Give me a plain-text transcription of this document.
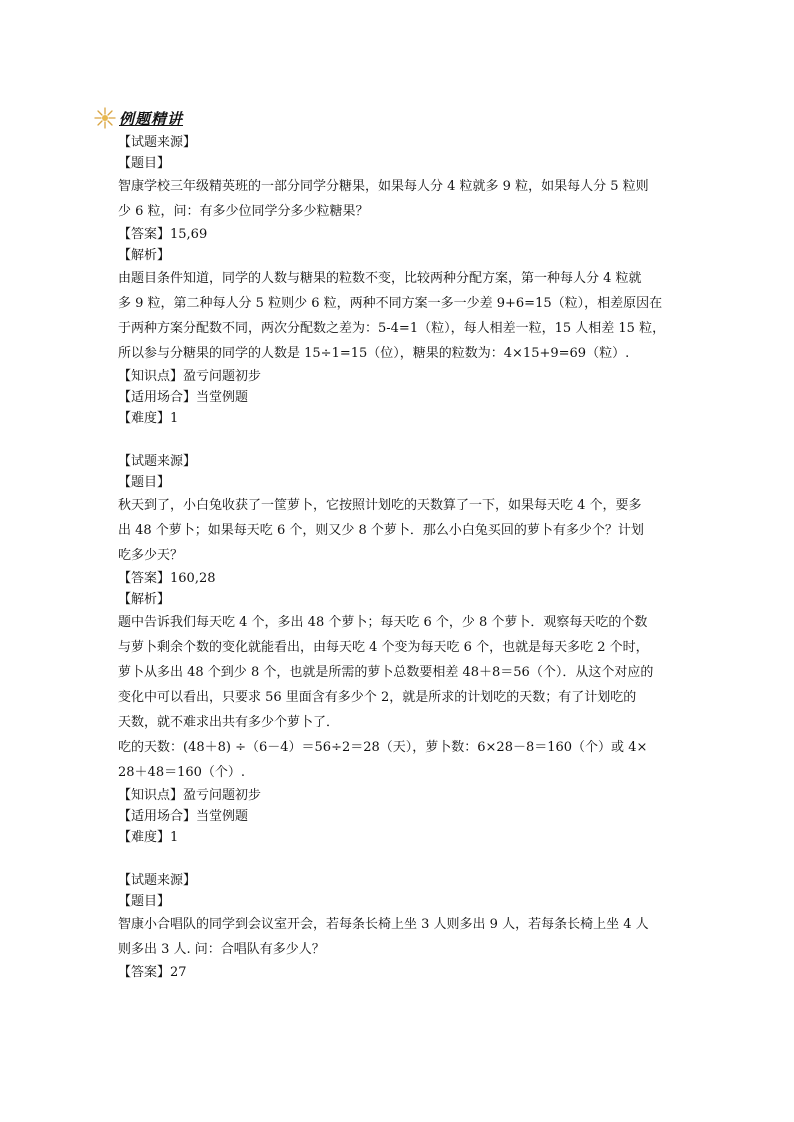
例题精讲
【试题来源】
【题目】
智康学校三年级精英班的一部分同学分糖果，如果每人分 4 粒就多 9 粒，如果每人分 5 粒则
少 6 粒，问：有多少位同学分多少粒糖果？
【答案】15,69
【解析】
由题目条件知道，同学的人数与糖果的粒数不变，比较两种分配方案，第一种每人分 4 粒就
多 9 粒，第二种每人分 5 粒则少 6 粒，两种不同方案一多一少差 9+6=15（粒），相差原因在
于两种方案分配数不同，两次分配数之差为：5-4=1（粒），每人相差一粒，15 人相差 15 粒，
所以参与分糖果的同学的人数是 15÷1=15（位），糖果的粒数为：4×15+9=69（粒）.
【知识点】盈亏问题初步
【适用场合】当堂例题
【难度】1
【试题来源】
【题目】
秋天到了，小白兔收获了一筐萝卜，它按照计划吃的天数算了一下，如果每天吃 4 个，要多
出 48 个萝卜；如果每天吃 6 个，则又少 8 个萝卜．那么小白兔买回的萝卜有多少个？计划
吃多少天？
【答案】160,28
【解析】
题中告诉我们每天吃 4 个，多出 48 个萝卜；每天吃 6 个，少 8 个萝卜．观察每天吃的个数
与萝卜剩余个数的变化就能看出，由每天吃 4 个变为每天吃 6 个，也就是每天多吃 2 个时，
萝卜从多出 48 个到少 8 个，也就是所需的萝卜总数要相差 48＋8＝56（个）．从这个对应的
变化中可以看出，只要求 56 里面含有多少个 2，就是所求的计划吃的天数；有了计划吃的
天数，就不难求出共有多少个萝卜了．
吃的天数：(48＋8) ÷（6－4）＝56÷2＝28（天），萝卜数：6×28－8＝160（个）或 4×
28＋48＝160（个）.
【知识点】盈亏问题初步
【适用场合】当堂例题
【难度】1
【试题来源】
【题目】
智康小合唱队的同学到会议室开会，若每条长椅上坐 3 人则多出 9 人，若每条长椅上坐 4 人
则多出 3 人. 问：合唱队有多少人？
【答案】27
